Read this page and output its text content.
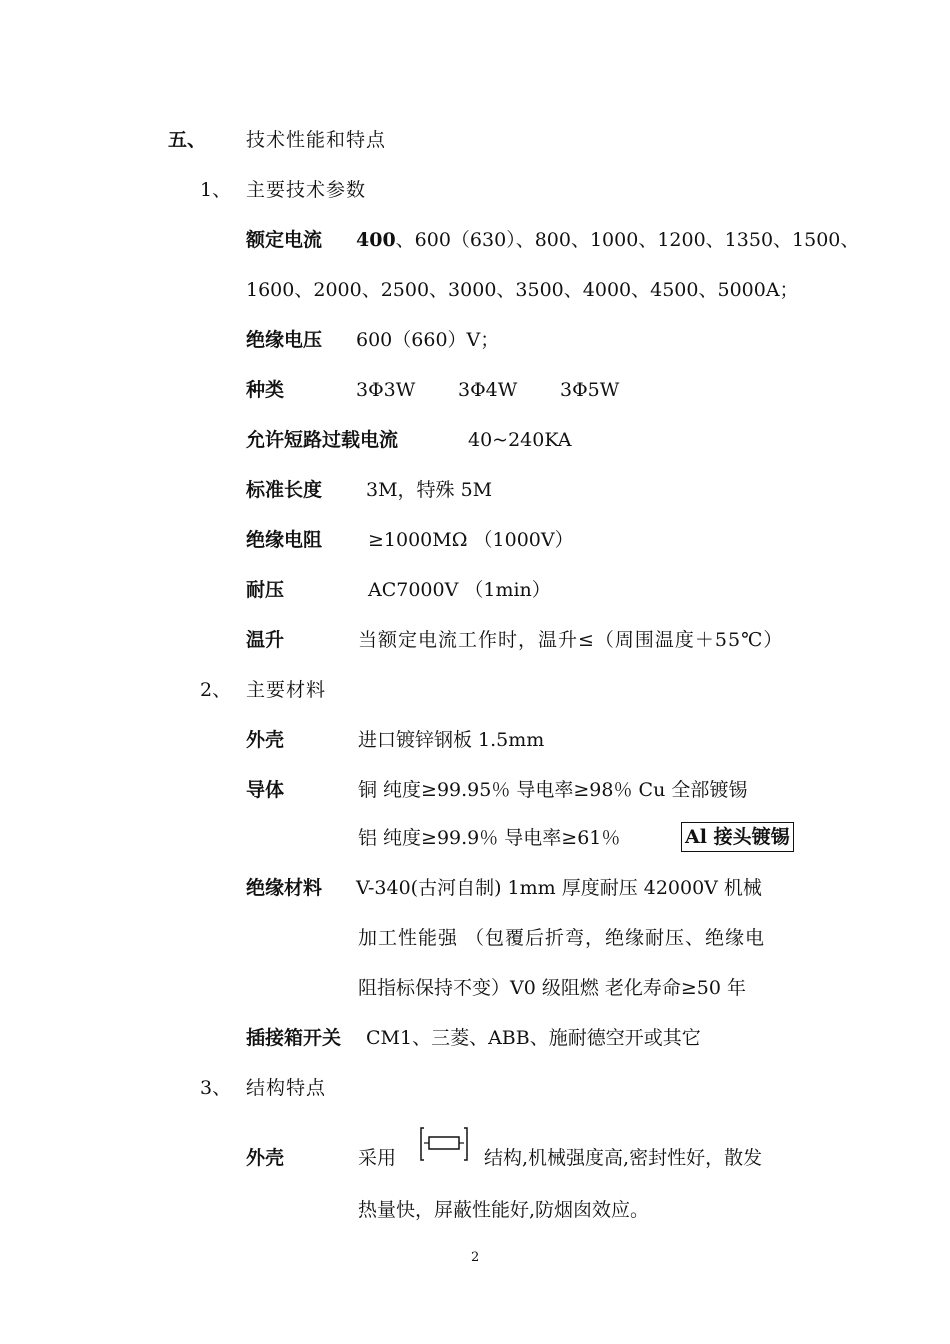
五、 技术性能和特点
1、 主要技术参数
额定电流 400、600（630）、800、1000、1200、1350、1500、
1600、2000、2500、3000、3500、4000、4500、5000A；
绝缘电压 600（660）V；
种类	3Φ3W 3Φ4W 3Φ5W
允许短路过载电流	40~240KA
标准长度 3M，特殊 5M
绝缘电阻 ≥1000MΩ （1000V）
耐压	AC7000V （1min）
温升	当额定电流工作时，温升≤（周围温度＋55℃）
2、 主要材料
外壳	进口镀锌钢板 1.5mm
导体	铜 纯度≥99.95％ 导电率≥98％ Cu 全部镀锡
铝 纯度≥99.9％ 导电率≥61％	Al 接头镀锡
绝缘材料 V-340(古河自制) 1mm 厚度耐压 42000V 机械
加工性能强 （包覆后折弯，绝缘耐压、绝缘电
阻指标保持不变）V0 级阻燃 老化寿命≥50 年
插接箱开关 CM1、三菱、ABB、施耐德空开或其它
3、 结构特点
外壳	采用	结构,机械强度高,密封性好，散发
热量快，屏蔽性能好,防烟囱效应。
2
